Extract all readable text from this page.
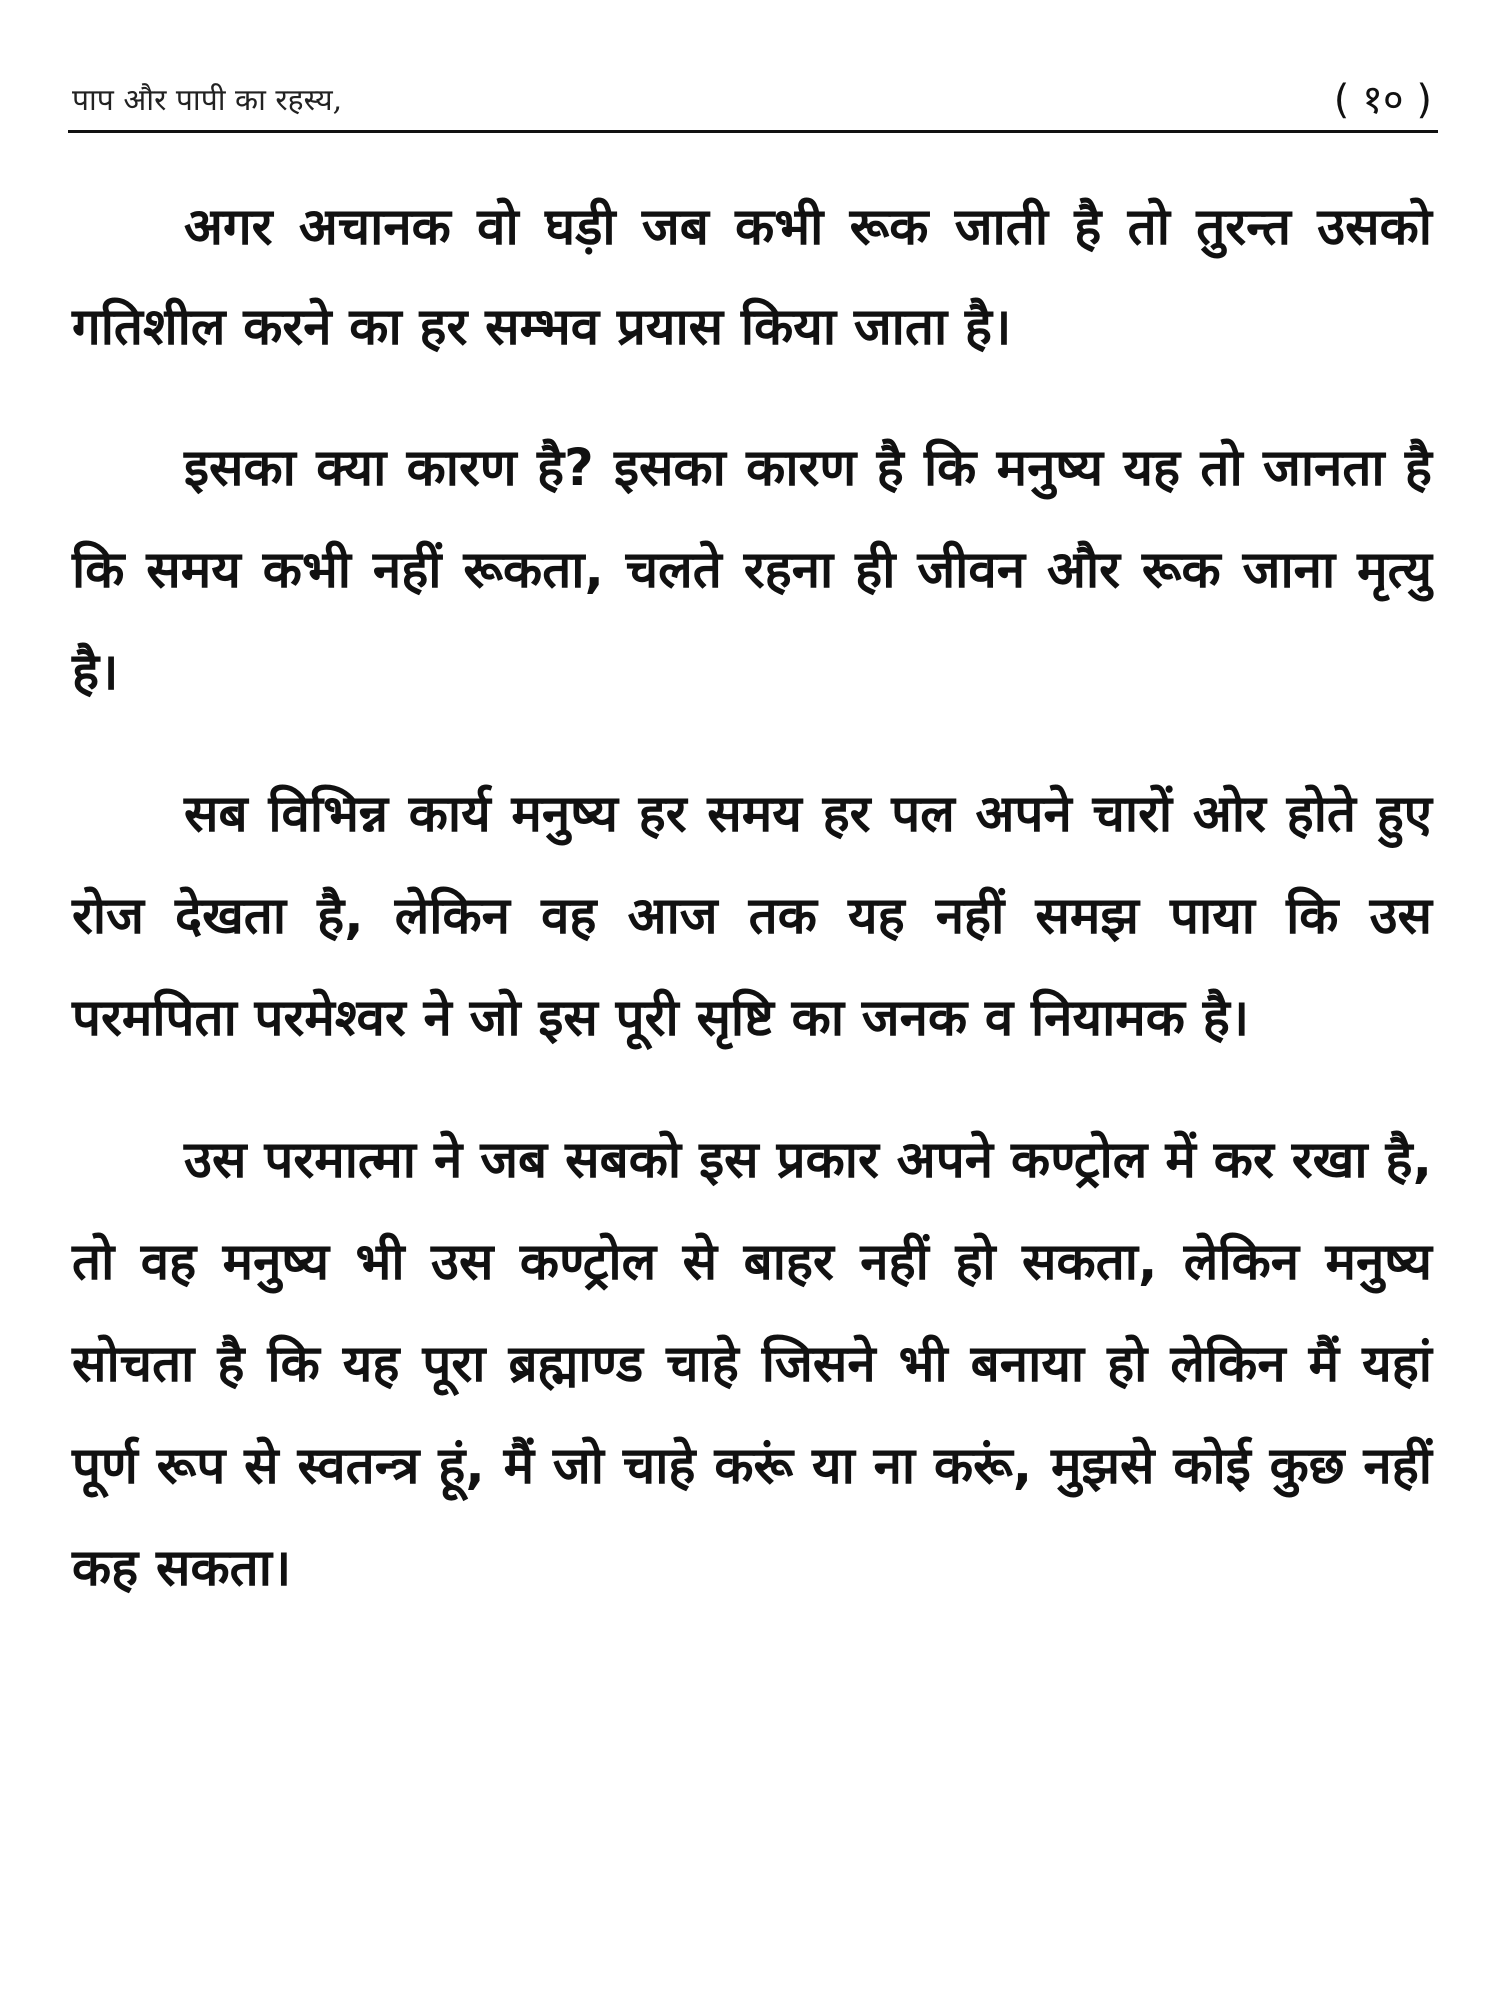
पाप और पापी का रहस्य,	( १० )

अगर अचानक वो घड़ी जब कभी रूक जाती है तो तुरन्त उसको गतिशील करने का हर सम्भव प्रयास किया जाता है।

इसका क्या कारण है? इसका कारण है कि मनुष्य यह तो जानता है कि समय कभी नहीं रूकता, चलते रहना ही जीवन और रूक जाना मृत्यु है।

सब विभिन्न कार्य मनुष्य हर समय हर पल अपने चारों ओर होते हुए रोज देखता है, लेकिन वह आज तक यह नहीं समझ पाया कि उस परमपिता परमेश्वर ने जो इस पूरी सृष्टि का जनक व नियामक है।

उस परमात्मा ने जब सबको इस प्रकार अपने कण्ट्रोल में कर रखा है, तो वह मनुष्य भी उस कण्ट्रोल से बाहर नहीं हो सकता, लेकिन मनुष्य सोचता है कि यह पूरा ब्रह्माण्ड चाहे जिसने भी बनाया हो लेकिन मैं यहां पूर्ण रूप से स्वतन्त्र हूं, मैं जो चाहे करूं या ना करूं, मुझसे कोई कुछ नहीं कह सकता।
